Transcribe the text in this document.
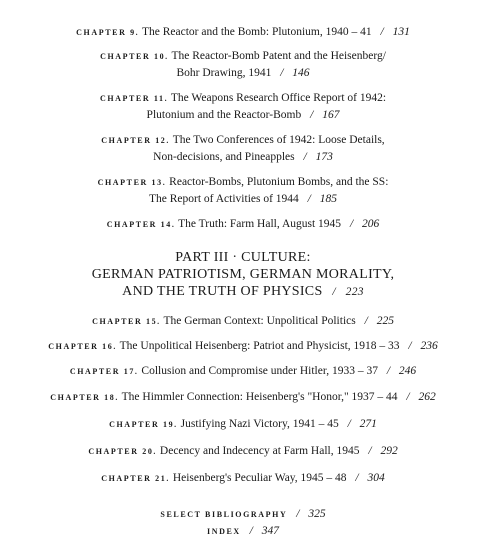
CHAPTER 9. The Reactor and the Bomb: Plutonium, 1940 – 41 / 131
CHAPTER 10. The Reactor-Bomb Patent and the Heisenberg/
Bohr Drawing, 1941 / 146
CHAPTER 11. The Weapons Research Office Report of 1942:
Plutonium and the Reactor-Bomb / 167
CHAPTER 12. The Two Conferences of 1942: Loose Details,
Non-decisions, and Pineapples / 173
CHAPTER 13. Reactor-Bombs, Plutonium Bombs, and the SS:
The Report of Activities of 1944 / 185
CHAPTER 14. The Truth: Farm Hall, August 1945 / 206
PART III · CULTURE:
GERMAN PATRIOTISM, GERMAN MORALITY,
AND THE TRUTH OF PHYSICS / 223
CHAPTER 15. The German Context: Unpolitical Politics / 225
CHAPTER 16. The Unpolitical Heisenberg: Patriot and Physicist, 1918 – 33 / 236
CHAPTER 17. Collusion and Compromise under Hitler, 1933 – 37 / 246
CHAPTER 18. The Himmler Connection: Heisenberg's "Honor," 1937 – 44 / 262
CHAPTER 19. Justifying Nazi Victory, 1941 – 45 / 271
CHAPTER 20. Decency and Indecency at Farm Hall, 1945 / 292
CHAPTER 21. Heisenberg's Peculiar Way, 1945 – 48 / 304
SELECT BIBLIOGRAPHY / 325
INDEX / 347
